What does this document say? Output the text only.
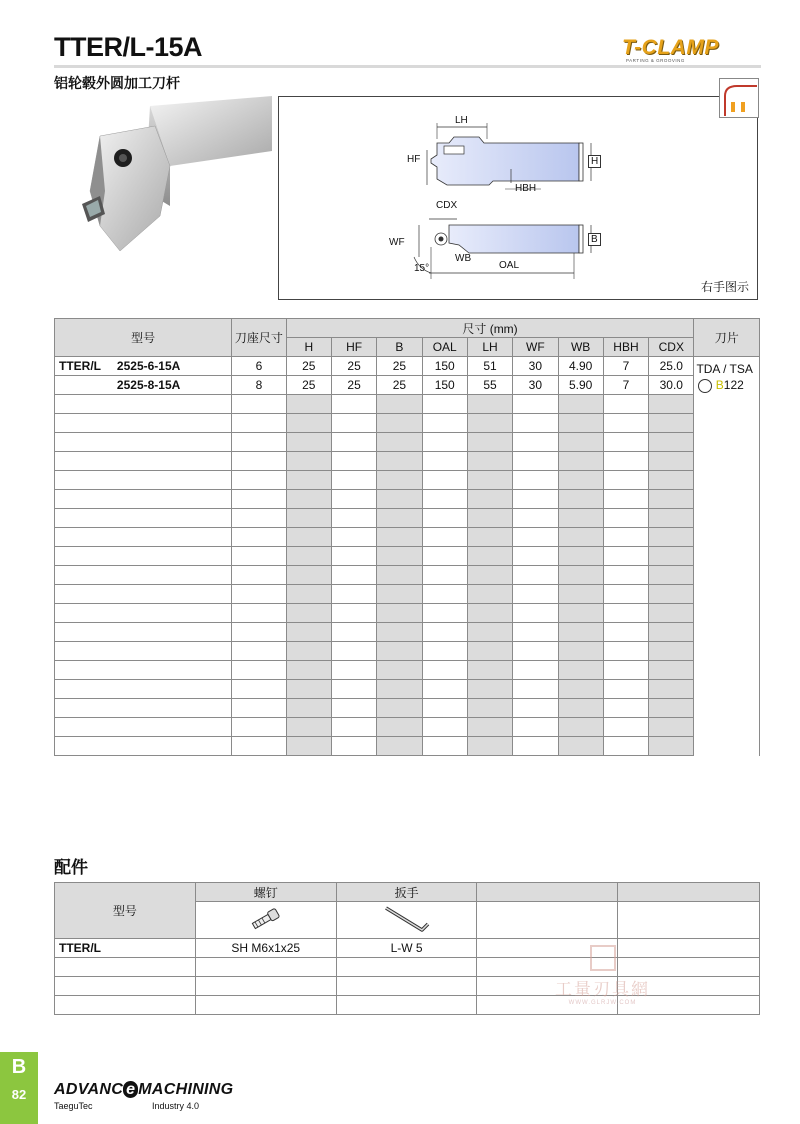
TTER/L-15A
铝轮毂外圆加工刀杆
T-CLAMP
PARTING & GROOVING
LH
HF	H
HBH
CDX
WF	B
WB
OAL
15°
右手图示
型号		刀座尺寸	尺寸 (mm)									刀片
			H	HF	B	OAL	LH	WF	WB	HBH	CDX	
TTER/L	2525-6-15A	6	25	25	25	150	51	30	4.90	7	25.0	TDA / TSA
B122

	2525-8-15A	8	25	25	25	150	55	30	5.90	7	30.0	

配件
型号	螺钉	扳手		

TTER/L	SH M6x1x25	L-W 5		

工量刃具網
WWW.GLRJW.COM
B
82	ADVANC e MACHINING
TaeguTec	Industry 4.0
